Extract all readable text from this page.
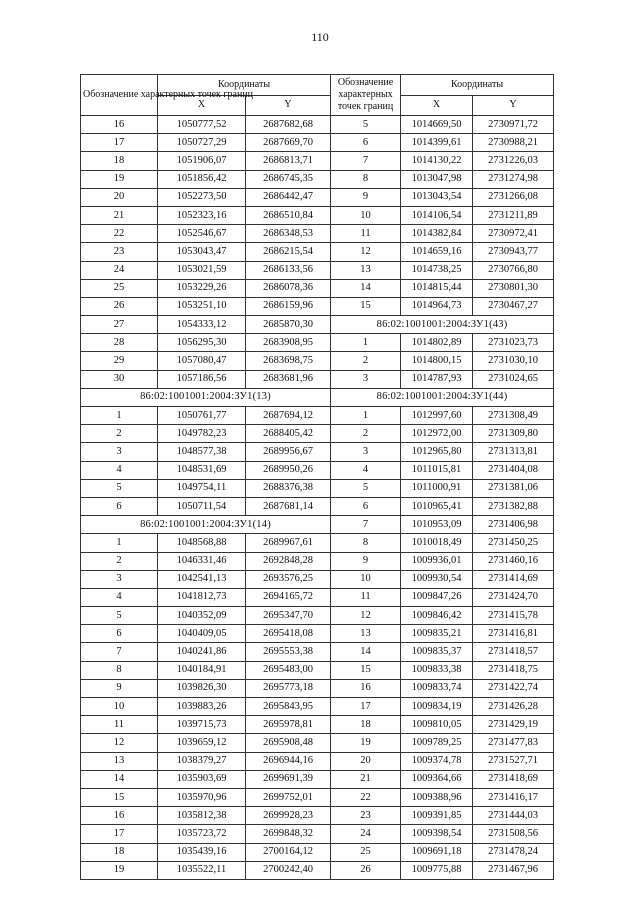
110
Обозначение характерных точек границ	Координаты		Обозначение характерных точек границ	Координаты	
	X	Y		X	Y
16	1050777,52	2687682,68	5	1014669,50	2730971,72
17	1050727,29	2687669,70	6	1014399,61	2730988,21
18	1051906,07	2686813,71	7	1014130,22	2731226,03
19	1051856,42	2686745,35	8	1013047,98	2731274,98
20	1052273,50	2686442,47	9	1013043,54	2731266,08
21	1052323,16	2686510,84	10	1014106,54	2731211,89
22	1052546,67	2686348,53	11	1014382,84	2730972,41
23	1053043,47	2686215,54	12	1014659,16	2730943,77
24	1053021,59	2686133,56	13	1014738,25	2730766,80
25	1053229,26	2686078,36	14	1014815,44	2730801,30
26	1053251,10	2686159,96	15	1014964,73	2730467,27
27	1054333,12	2685870,30	86:02:1001001:2004:ЗУ1(43)		
28	1056295,30	2683908,95	1	1014802,89	2731023,73
29	1057080,47	2683698,75	2	1014800,15	2731030,10
30	1057186,56	2683681,96	3	1014787,93	2731024,65
86:02:1001001:2004:ЗУ1(13)			86:02:1001001:2004:ЗУ1(44)		
1	1050761,77	2687694,12	1	1012997,60	2731308,49
2	1049782,23	2688405,42	2	1012972,00	2731309,80
3	1048577,38	2689956,67	3	1012965,80	2731313,81
4	1048531,69	2689950,26	4	1011015,81	2731404,08
5	1049754,11	2688376,38	5	1011000,91	2731381,06
6	1050711,54	2687681,14	6	1010965,41	2731382,88
86:02:1001001:2004:ЗУ1(14)			7	1010953,09	2731406,98
1	1048568,88	2689967,61	8	1010018,49	2731450,25
2	1046331,46	2692848,28	9	1009936,01	2731460,16
3	1042541,13	2693576,25	10	1009930,54	2731414,69
4	1041812,73	2694165,72	11	1009847,26	2731424,70
5	1040352,09	2695347,70	12	1009846,42	2731415,78
6	1040409,05	2695418,08	13	1009835,21	2731416,81
7	1040241,86	2695553,38	14	1009835,37	2731418,57
8	1040184,91	2695483,00	15	1009833,38	2731418,75
9	1039826,30	2695773,18	16	1009833,74	2731422,74
10	1039883,26	2695843,95	17	1009834,19	2731426,28
11	1039715,73	2695978,81	18	1009810,05	2731429,19
12	1039659,12	2695908,48	19	1009789,25	2731477,83
13	1038379,27	2696944,16	20	1009374,78	2731527,71
14	1035903,69	2699691,39	21	1009364,66	2731418,69
15	1035970,96	2699752,01	22	1009388,96	2731416,17
16	1035812,38	2699928,23	23	1009391,85	2731444,03
17	1035723,72	2699848,32	24	1009398,54	2731508,56
18	1035439,16	2700164,12	25	1009691,18	2731478,24
19	1035522,11	2700242,40	26	1009775,88	2731467,96
